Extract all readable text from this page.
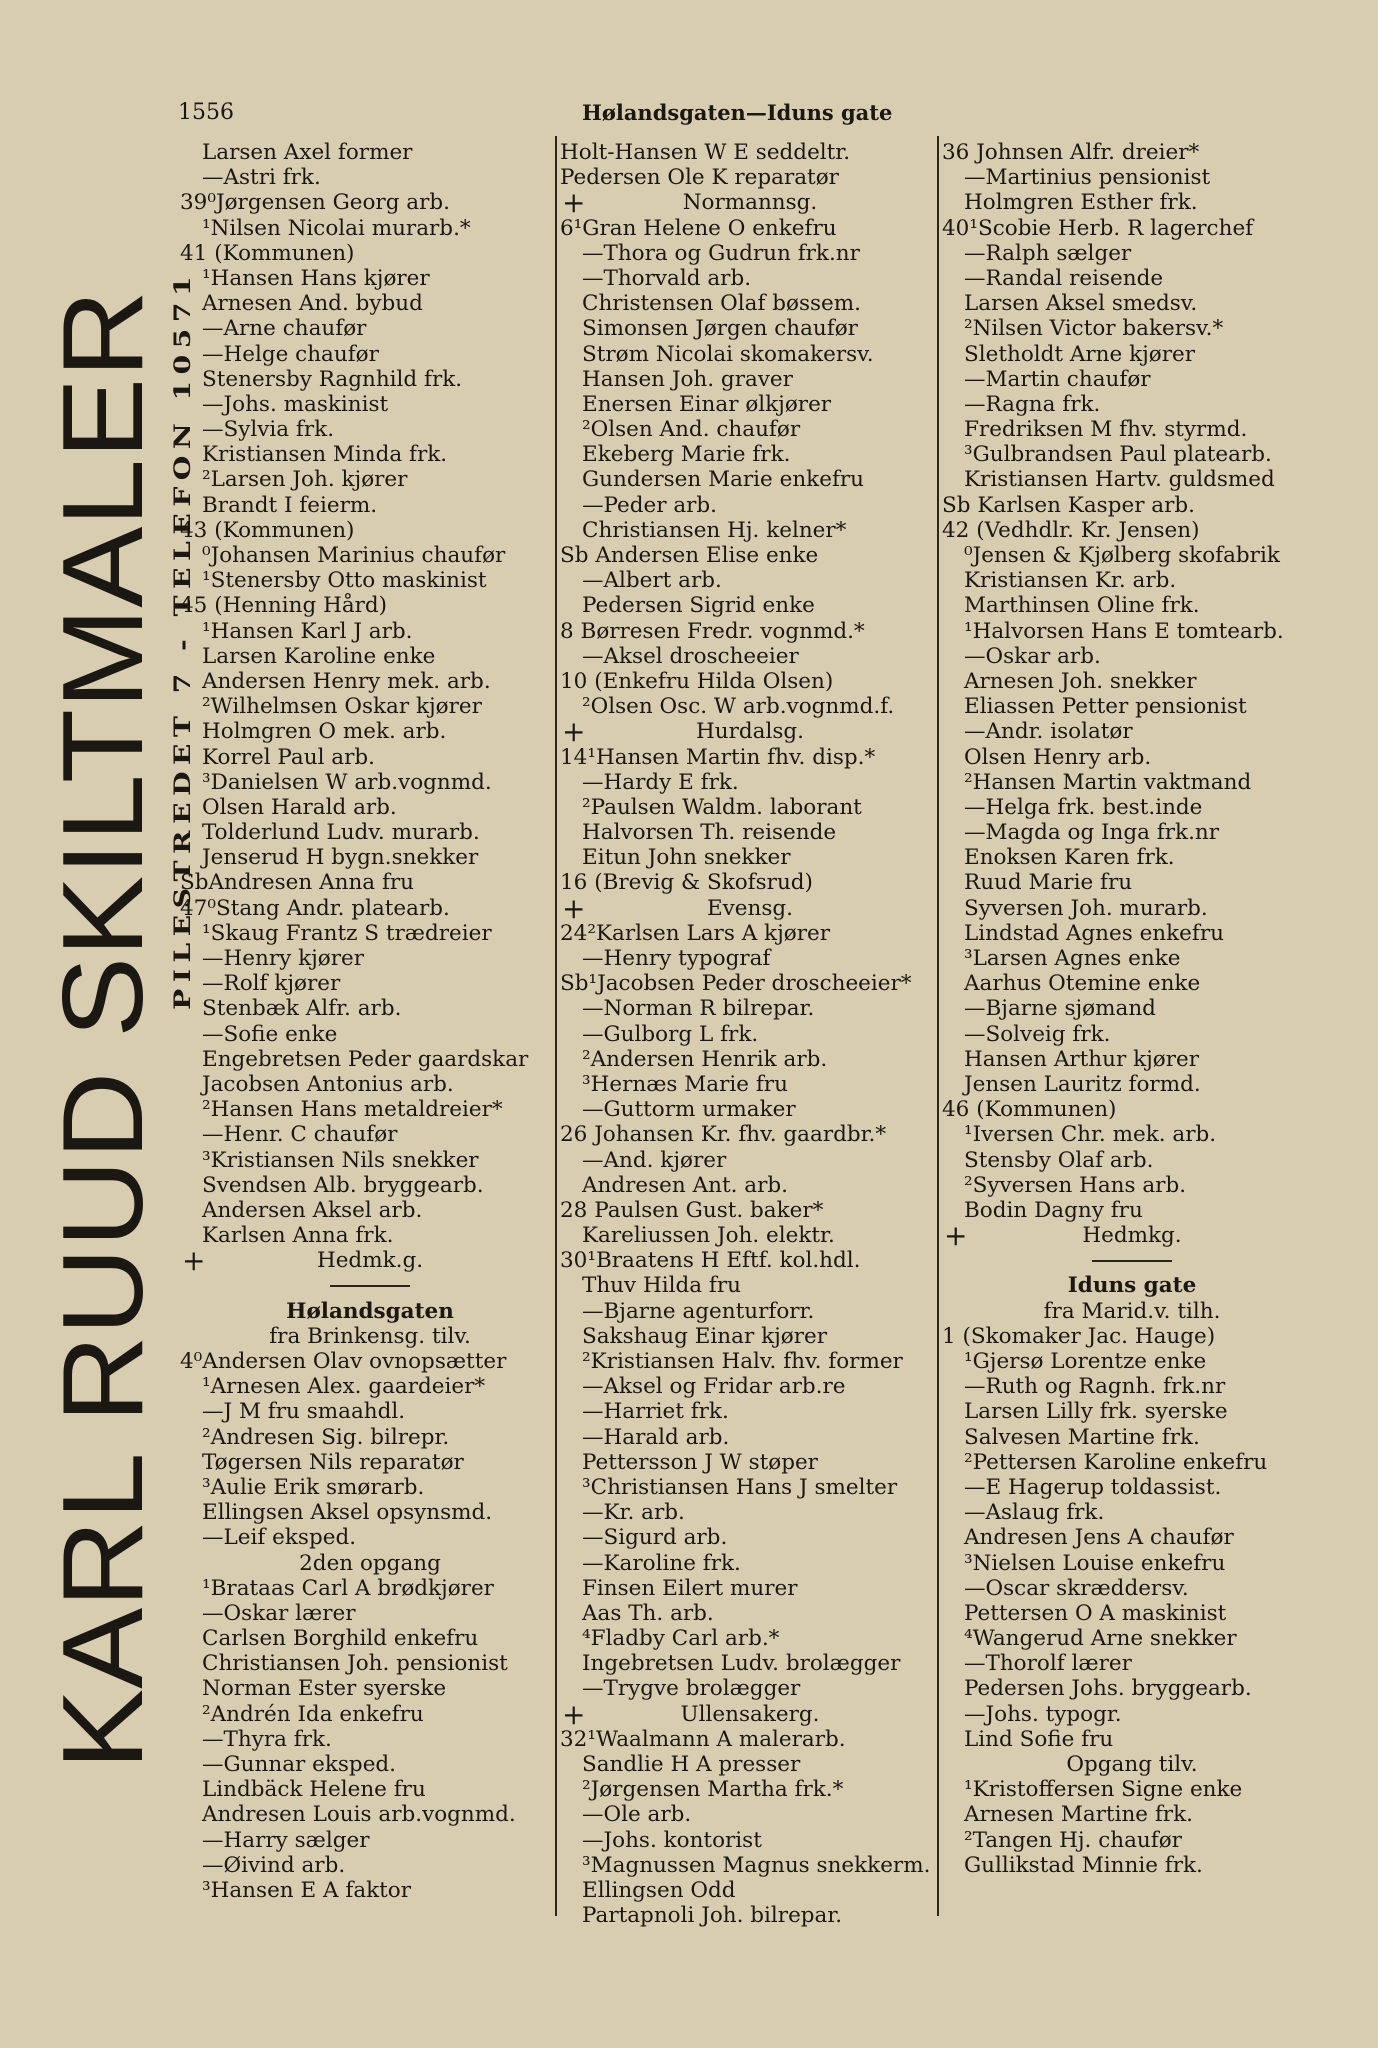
1556	Hølandsgaten—Iduns gate
KARL RUUD SKILTMALER PILESTREDET 7 - TELEFON 10571
Larsen Axel former
—Astri frk.
39⁰Jørgensen Georg arb.
¹Nilsen Nicolai murarb.*
41 (Kommunen)
¹Hansen Hans kjører
Arnesen And. bybud
—Arne chaufør
—Helge chaufør
Stenersby Ragnhild frk.
—Johs. maskinist
—Sylvia frk.
Kristiansen Minda frk.
²Larsen Joh. kjører
Brandt I feierm.
43 (Kommunen)
⁰Johansen Marinius chaufør
¹Stenersby Otto maskinist
45 (Henning Hård)
¹Hansen Karl J arb.
Larsen Karoline enke
Andersen Henry mek. arb.
²Wilhelmsen Oskar kjører
Holmgren O mek. arb.
Korrel Paul arb.
³Danielsen W arb.vognmd.
Olsen Harald arb.
Tolderlund Ludv. murarb.
Jenserud H bygn.snekker
SbAndresen Anna fru
47⁰Stang Andr. platearb.
¹Skaug Frantz S trædreier
—Henry kjører
—Rolf kjører
Stenbæk Alfr. arb.
—Sofie enke
Engebretsen Peder gaardskar
Jacobsen Antonius arb.
²Hansen Hans metaldreier*
—Henr. C chaufør
³Kristiansen Nils snekker
Svendsen Alb. bryggearb.
Andersen Aksel arb.
Karlsen Anna frk.
+	Hedmk.g.
Hølandsgaten
fra Brinkensg. tilv.
4⁰Andersen Olav ovnopsætter
¹Arnesen Alex. gaardeier*
—J M fru smaahdl.
²Andresen Sig. bilrepr.
Tøgersen Nils reparatør
³Aulie Erik smørarb.
Ellingsen Aksel opsynsmd.
—Leif eksped.
2den opgang
¹Brataas Carl A brødkjører
—Oskar lærer
Carlsen Borghild enkefru
Christiansen Joh. pensionist
Norman Ester syerske
²Andrén Ida enkefru
—Thyra frk.
—Gunnar eksped.
Lindbäck Helene fru
Andresen Louis arb.vognmd.
—Harry sælger
—Øivind arb.
³Hansen E A faktor
Holt-Hansen W E seddeltr.
Pedersen Ole K reparatør
+	Normannsg.
6¹Gran Helene O enkefru
—Thora og Gudrun frk.nr
—Thorvald arb.
Christensen Olaf bøssem.
Simonsen Jørgen chaufør
Strøm Nicolai skomakersv.
Hansen Joh. graver
Enersen Einar ølkjører
²Olsen And. chaufør
Ekeberg Marie frk.
Gundersen Marie enkefru
—Peder arb.
Christiansen Hj. kelner*
Sb Andersen Elise enke
—Albert arb.
Pedersen Sigrid enke
8 Børresen Fredr. vognmd.*
—Aksel droscheeier
10 (Enkefru Hilda Olsen)
²Olsen Osc. W arb.vognmd.f.
+	Hurdalsg.
14¹Hansen Martin fhv. disp.*
—Hardy E frk.
²Paulsen Waldm. laborant
Halvorsen Th. reisende
Eitun John snekker
16 (Brevig & Skofsrud)
+	Evensg.
24²Karlsen Lars A kjører
—Henry typograf
Sb¹Jacobsen Peder droscheeier*
—Norman R bilrepar.
—Gulborg L frk.
²Andersen Henrik arb.
³Hernæs Marie fru
—Guttorm urmaker
26 Johansen Kr. fhv. gaardbr.*
—And. kjører
Andresen Ant. arb.
28 Paulsen Gust. baker*
Kareliussen Joh. elektr.
30¹Braatens H Eftf. kol.hdl.
Thuv Hilda fru
—Bjarne agenturforr.
Sakshaug Einar kjører
²Kristiansen Halv. fhv. former
—Aksel og Fridar arb.re
—Harriet frk.
—Harald arb.
Pettersson J W støper
³Christiansen Hans J smelter
—Kr. arb.
—Sigurd arb.
—Karoline frk.
Finsen Eilert murer
Aas Th. arb.
⁴Fladby Carl arb.*
Ingebretsen Ludv. brolægger
—Trygve brolægger
+	Ullensakerg.
32¹Waalmann A malerarb.
Sandlie H A presser
²Jørgensen Martha frk.*
—Ole arb.
—Johs. kontorist
³Magnussen Magnus snekkerm.
Ellingsen Odd
Partapnoli Joh. bilrepar.
36 Johnsen Alfr. dreier*
—Martinius pensionist
Holmgren Esther frk.
40¹Scobie Herb. R lagerchef
—Ralph sælger
—Randal reisende
Larsen Aksel smedsv.
²Nilsen Victor bakersv.*
Sletholdt Arne kjører
—Martin chaufør
—Ragna frk.
Fredriksen M fhv. styrmd.
³Gulbrandsen Paul platearb.
Kristiansen Hartv. guldsmed
Sb Karlsen Kasper arb.
42 (Vedhdlr. Kr. Jensen)
⁰Jensen & Kjølberg skofabrik
Kristiansen Kr. arb.
Marthinsen Oline frk.
¹Halvorsen Hans E tomtearb.
—Oskar arb.
Arnesen Joh. snekker
Eliassen Petter pensionist
—Andr. isolatør
Olsen Henry arb.
²Hansen Martin vaktmand
—Helga frk. best.inde
—Magda og Inga frk.nr
Enoksen Karen frk.
Ruud Marie fru
Syversen Joh. murarb.
Lindstad Agnes enkefru
³Larsen Agnes enke
Aarhus Otemine enke
—Bjarne sjømand
—Solveig frk.
Hansen Arthur kjører
Jensen Lauritz formd.
46 (Kommunen)
¹Iversen Chr. mek. arb.
Stensby Olaf arb.
²Syversen Hans arb.
Bodin Dagny fru
+	Hedmkg.
Iduns gate
fra Marid.v. tilh.
1 (Skomaker Jac. Hauge)
¹Gjersø Lorentze enke
—Ruth og Ragnh. frk.nr
Larsen Lilly frk. syerske
Salvesen Martine frk.
²Pettersen Karoline enkefru
—E Hagerup toldassist.
—Aslaug frk.
Andresen Jens A chaufør
³Nielsen Louise enkefru
—Oscar skræddersv.
Pettersen O A maskinist
⁴Wangerud Arne snekker
—Thorolf lærer
Pedersen Johs. bryggearb.
—Johs. typogr.
Lind Sofie fru
Opgang tilv.
¹Kristoffersen Signe enke
Arnesen Martine frk.
²Tangen Hj. chaufør
Gullikstad Minnie frk.
